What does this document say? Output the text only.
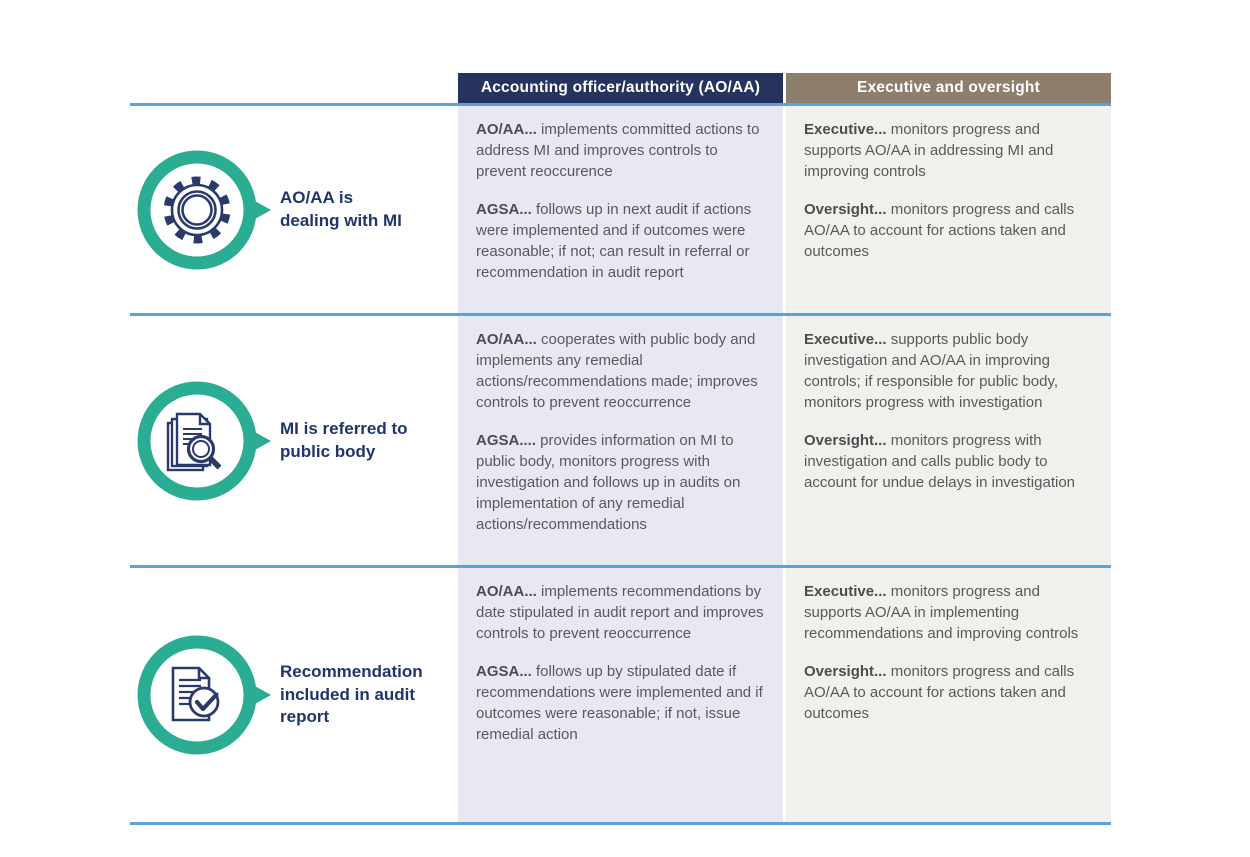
Accounting officer/authority (AO/AA)	Executive and oversight
AO/AA is
dealing with MI

AO/AA... implements committed actions to address MI and improves controls to prevent reoccurence

AGSA... follows up in next audit if actions were implemented and if outcomes were reasonable; if not; can result in referral or recommendation in audit report

Executive... monitors progress and supports AO/AA in addressing MI and improving controls

Oversight... monitors progress and calls AO/AA to account for actions taken and outcomes

MI is referred to
public body

AO/AA... cooperates with public body and implements any remedial actions/recommendations made; improves controls to prevent reoccurrence

AGSA.... provides information on MI to public body, monitors progress with investigation and follows up in audits on implementation of any remedial actions/recommendations

Executive... supports public body investigation and AO/AA in improving controls; if responsible for public body, monitors progress with investigation

Oversight... monitors progress with investigation and calls public body to account for undue delays in investigation

Recommendation
included in audit
report

AO/AA... implements recommendations by date stipulated in audit report and improves controls to prevent reoccurrence

AGSA... follows up by stipulated date if recommendations were implemented and if outcomes were reasonable; if not, issue remedial action

Executive... monitors progress and supports AO/AA in implementing recommendations and improving controls

Oversight... monitors progress and calls AO/AA to account for actions taken and outcomes
